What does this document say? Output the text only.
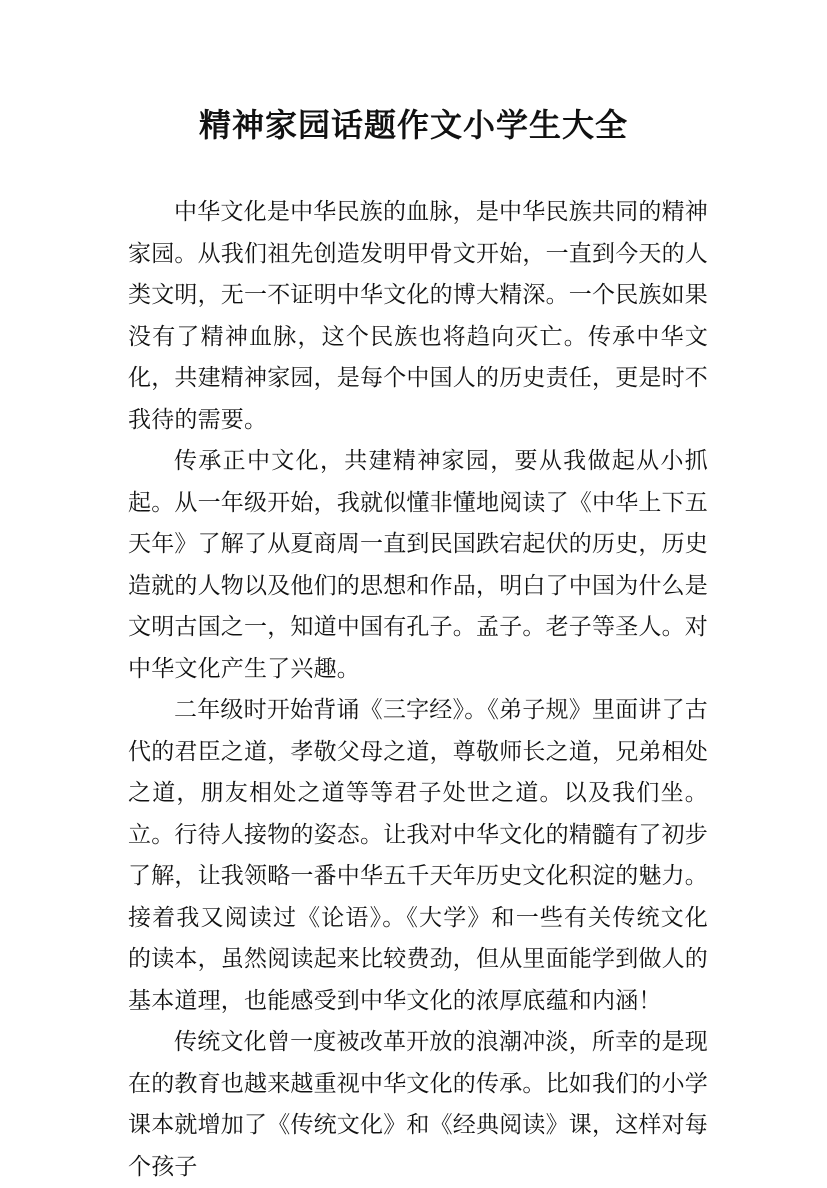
精神家园话题作文小学生大全

中华文化是中华民族的血脉，是中华民族共同的精神家园。从我们祖先创造发明甲骨文开始，一直到今天的人类文明，无一不证明中华文化的博大精深。一个民族如果没有了精神血脉，这个民族也将趋向灭亡。传承中华文化，共建精神家园，是每个中国人的历史责任，更是时不我待的需要。

传承正中文化，共建精神家园，要从我做起从小抓起。从一年级开始，我就似懂非懂地阅读了《中华上下五天年》了解了从夏商周一直到民国跌宕起伏的历史，历史造就的人物以及他们的思想和作品，明白了中国为什么是文明古国之一，知道中国有孔子。孟子。老子等圣人。对中华文化产生了兴趣。

二年级时开始背诵《三字经》。《弟子规》里面讲了古代的君臣之道，孝敬父母之道，尊敬师长之道，兄弟相处之道，朋友相处之道等等君子处世之道。以及我们坐。立。行待人接物的姿态。让我对中华文化的精髓有了初步了解，让我领略一番中华五千天年历史文化积淀的魅力。接着我又阅读过《论语》。《大学》和一些有关传统文化的读本，虽然阅读起来比较费劲，但从里面能学到做人的基本道理，也能感受到中华文化的浓厚底蕴和内涵！

传统文化曾一度被改革开放的浪潮冲淡，所幸的是现在的教育也越来越重视中华文化的传承。比如我们的小学课本就增加了《传统文化》和《经典阅读》课，这样对每个孩子
